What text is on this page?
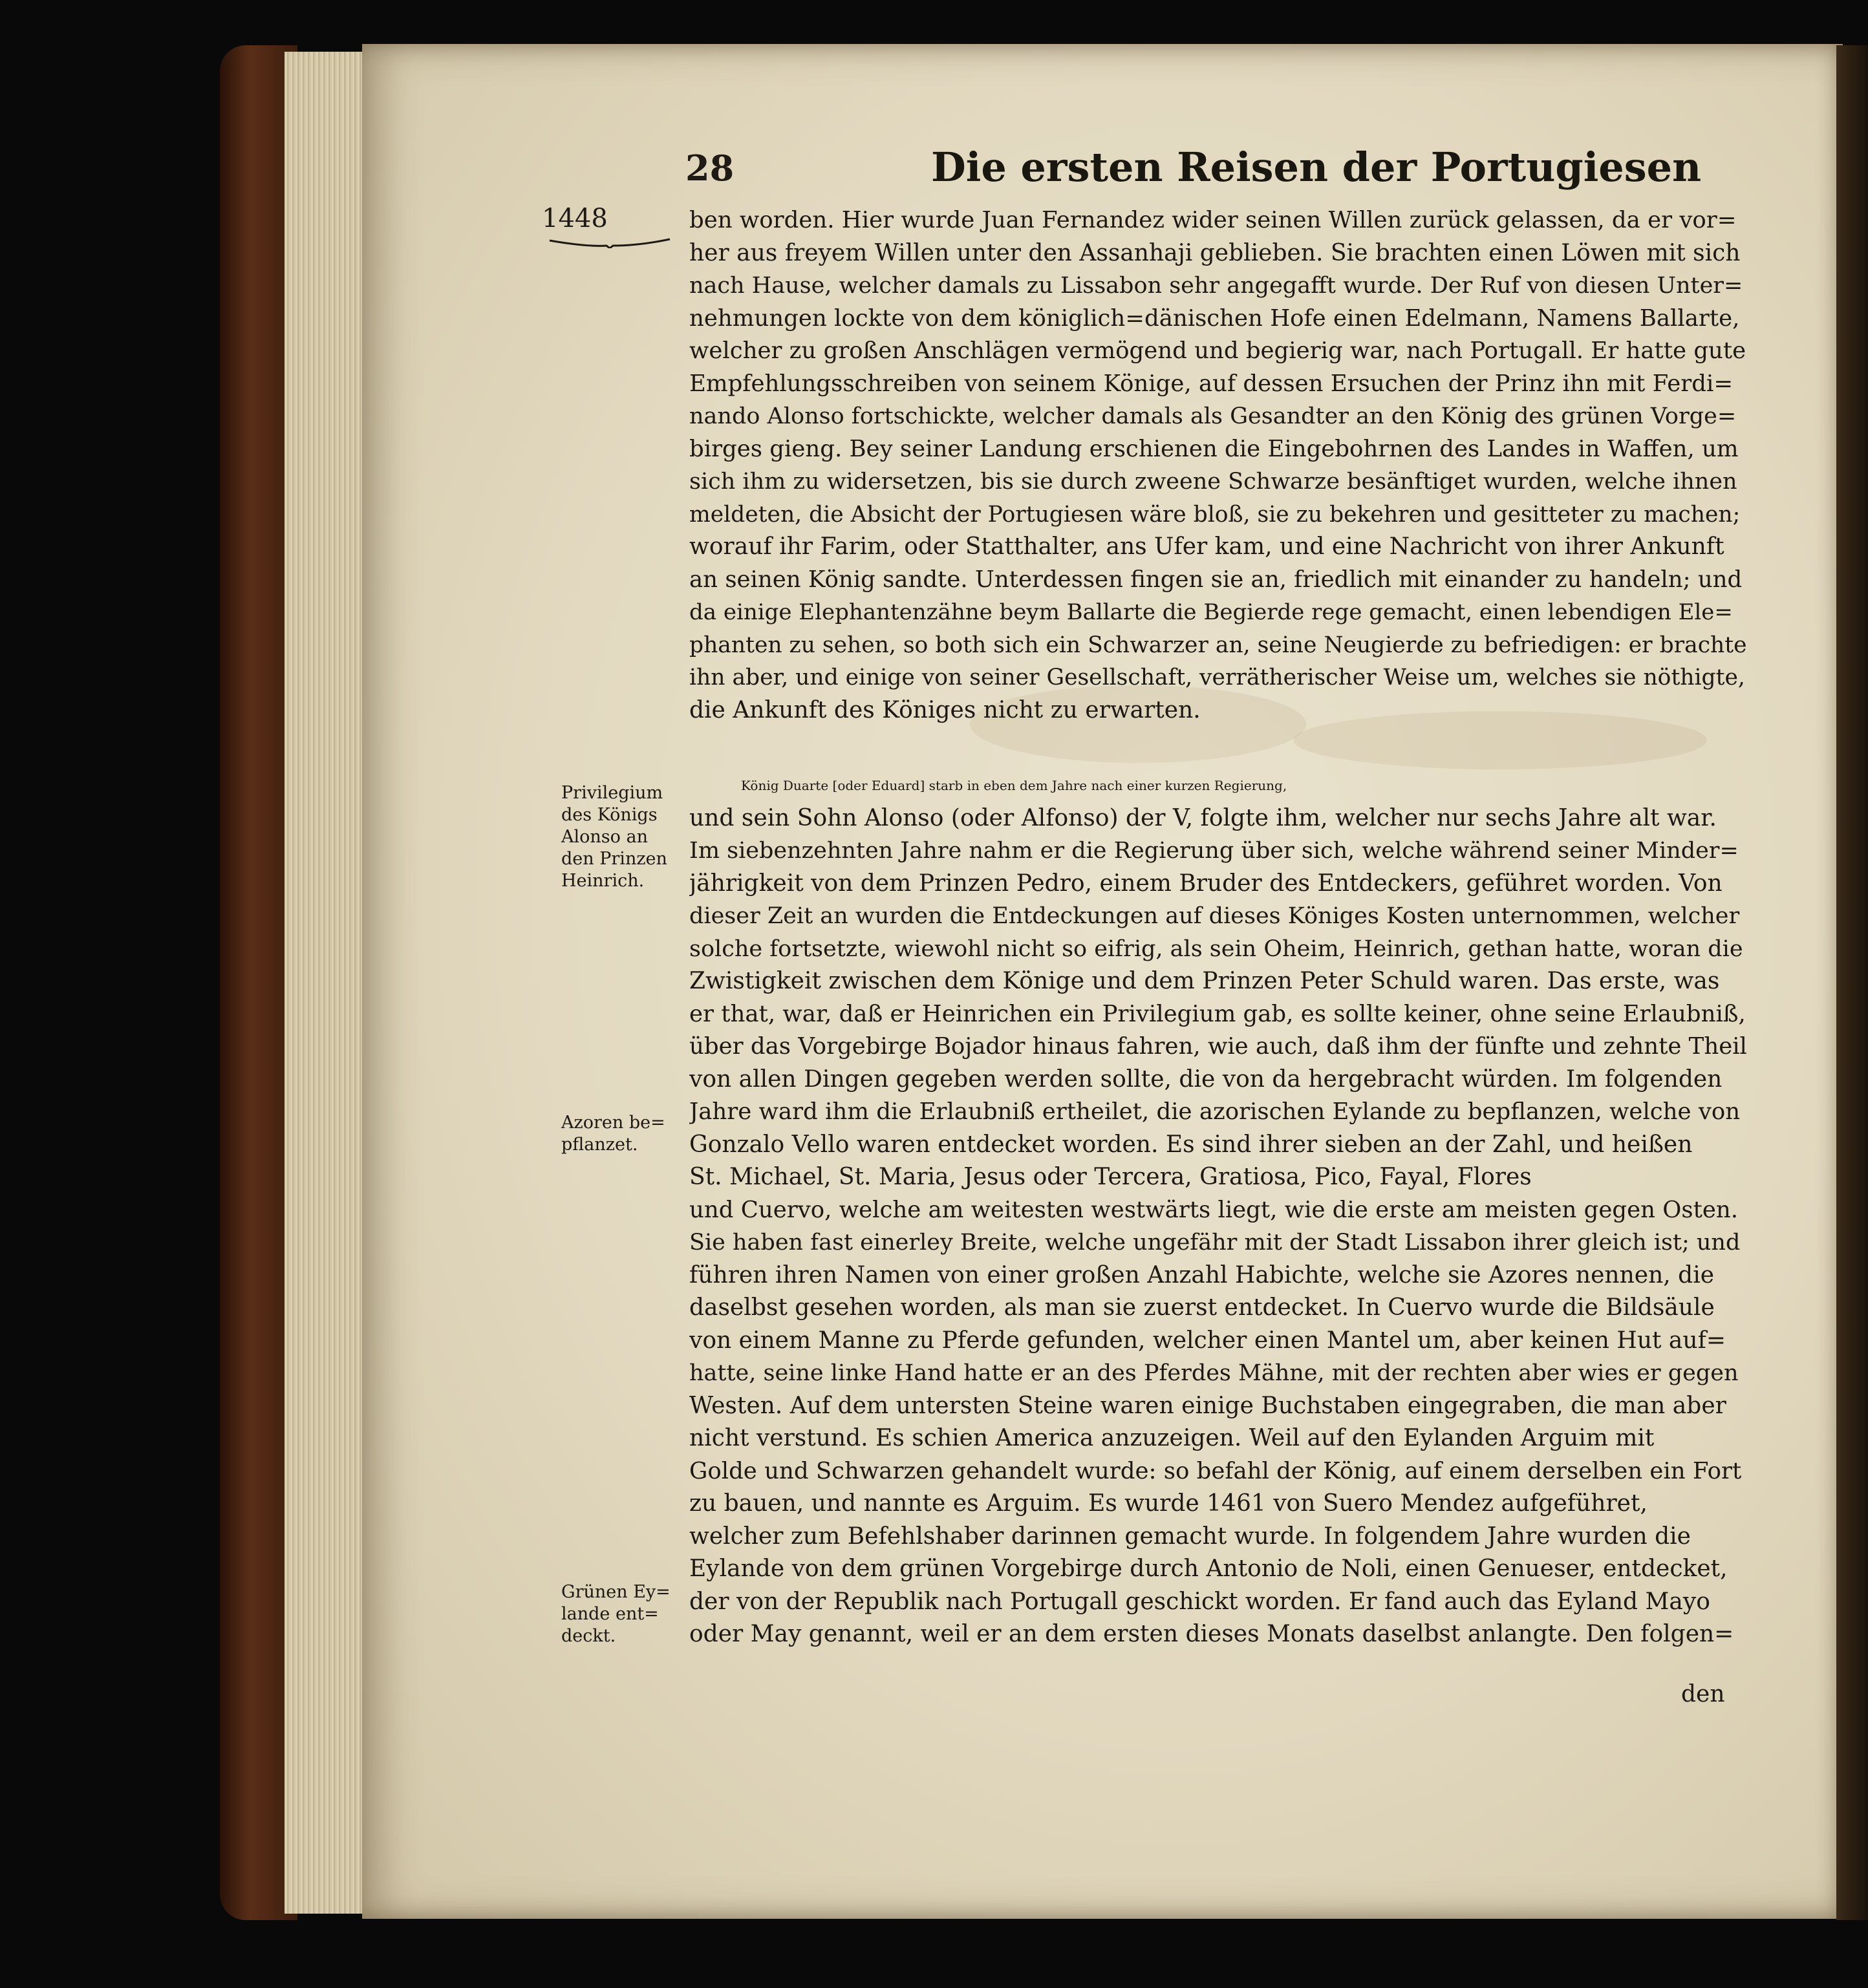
28	Die ersten Reisen der Portugiesen
1448
Privilegium
des Königs
Alonso an
den Prinzen
Heinrich.
Azoren be=
pflanzet.
Grünen Ey=
lande ent=
deckt.
ben worden. Hier wurde Juan Fernandez wider seinen Willen zurück gelassen, da er vor=
her aus freyem Willen unter den Assanhaji geblieben. Sie brachten einen Löwen mit sich
nach Hause, welcher damals zu Lissabon sehr angegafft wurde. Der Ruf von diesen Unter=
nehmungen lockte von dem königlich=dänischen Hofe einen Edelmann, Namens Ballarte,
welcher zu großen Anschlägen vermögend und begierig war, nach Portugall. Er hatte gute
Empfehlungsschreiben von seinem Könige, auf dessen Ersuchen der Prinz ihn mit Ferdi=
nando Alonso fortschickte, welcher damals als Gesandter an den König des grünen Vorge=
birges gieng. Bey seiner Landung erschienen die Eingebohrnen des Landes in Waffen, um
sich ihm zu widersetzen, bis sie durch zweene Schwarze besänftiget wurden, welche ihnen
meldeten, die Absicht der Portugiesen wäre bloß, sie zu bekehren und gesitteter zu machen;
worauf ihr Farim, oder Statthalter, ans Ufer kam, und eine Nachricht von ihrer Ankunft
an seinen König sandte. Unterdessen fingen sie an, friedlich mit einander zu handeln; und
da einige Elephantenzähne beym Ballarte die Begierde rege gemacht, einen lebendigen Ele=
phanten zu sehen, so both sich ein Schwarzer an, seine Neugierde zu befriedigen: er brachte
ihn aber, und einige von seiner Gesellschaft, verrätherischer Weise um, welches sie nöthigte,
die Ankunft des Königes nicht zu erwarten.
König Duarte [oder Eduard] starb in eben dem Jahre nach einer kurzen Regierung,
und sein Sohn Alonso (oder Alfonso) der V, folgte ihm, welcher nur sechs Jahre alt war.
Im siebenzehnten Jahre nahm er die Regierung über sich, welche während seiner Minder=
jährigkeit von dem Prinzen Pedro, einem Bruder des Entdeckers, geführet worden. Von
dieser Zeit an wurden die Entdeckungen auf dieses Königes Kosten unternommen, welcher
solche fortsetzte, wiewohl nicht so eifrig, als sein Oheim, Heinrich, gethan hatte, woran die
Zwistigkeit zwischen dem Könige und dem Prinzen Peter Schuld waren. Das erste, was
er that, war, daß er Heinrichen ein Privilegium gab, es sollte keiner, ohne seine Erlaubniß,
über das Vorgebirge Bojador hinaus fahren, wie auch, daß ihm der fünfte und zehnte Theil
von allen Dingen gegeben werden sollte, die von da hergebracht würden. Im folgenden
Jahre ward ihm die Erlaubniß ertheilet, die azorischen Eylande zu bepflanzen, welche von
Gonzalo Vello waren entdecket worden. Es sind ihrer sieben an der Zahl, und heißen
St. Michael, St. Maria, Jesus oder Tercera, Gratiosa, Pico, Fayal, Flores
und Cuervo, welche am weitesten westwärts liegt, wie die erste am meisten gegen Osten.
Sie haben fast einerley Breite, welche ungefähr mit der Stadt Lissabon ihrer gleich ist; und
führen ihren Namen von einer großen Anzahl Habichte, welche sie Azores nennen, die
daselbst gesehen worden, als man sie zuerst entdecket. In Cuervo wurde die Bildsäule
von einem Manne zu Pferde gefunden, welcher einen Mantel um, aber keinen Hut auf=
hatte, seine linke Hand hatte er an des Pferdes Mähne, mit der rechten aber wies er gegen
Westen. Auf dem untersten Steine waren einige Buchstaben eingegraben, die man aber
nicht verstund. Es schien America anzuzeigen. Weil auf den Eylanden Arguim mit
Golde und Schwarzen gehandelt wurde: so befahl der König, auf einem derselben ein Fort
zu bauen, und nannte es Arguim. Es wurde 1461 von Suero Mendez aufgeführet,
welcher zum Befehlshaber darinnen gemacht wurde. In folgendem Jahre wurden die
Eylande von dem grünen Vorgebirge durch Antonio de Noli, einen Genueser, entdecket,
der von der Republik nach Portugall geschickt worden. Er fand auch das Eyland Mayo
oder May genannt, weil er an dem ersten dieses Monats daselbst anlangte. Den folgen=
den
